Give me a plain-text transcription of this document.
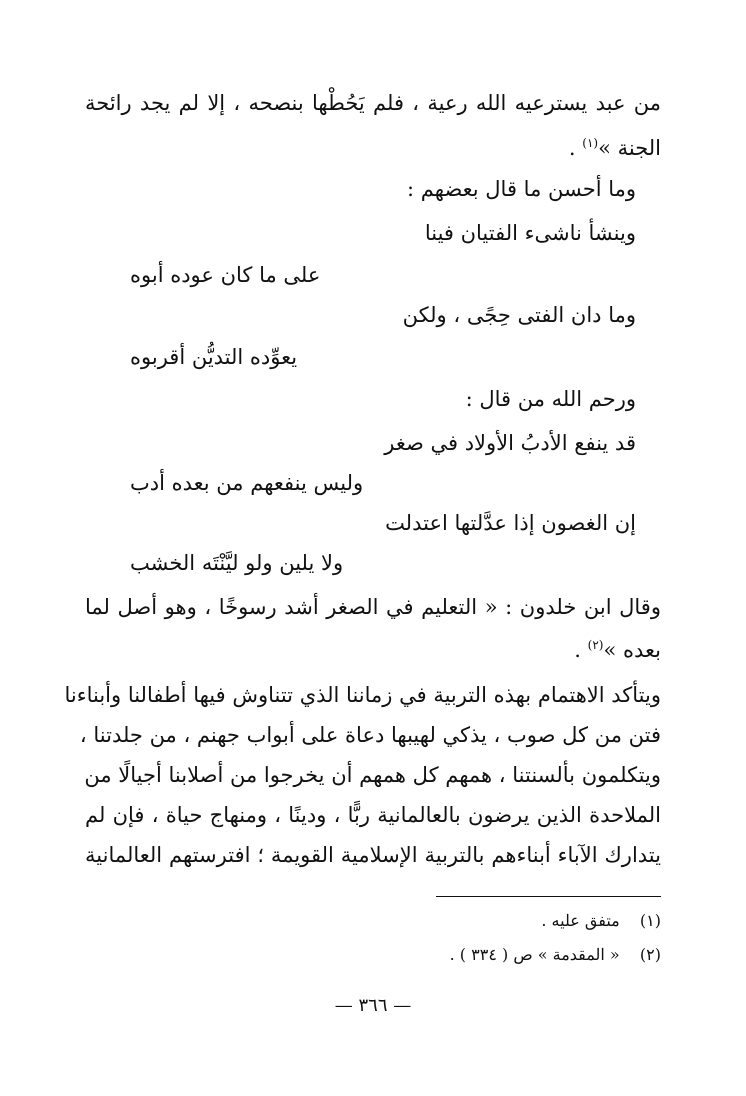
من عبد يسترعيه الله رعية ، فلم يَحُطْها بنصحه ، إلا لم يجد رائحة
الجنة »$^{(١)}$ .
وما أحسن ما قال بعضهم :
وينشأ ناشىء الفتيان فينا
على ما كان عوده أبوه
وما دان الفتى حِجًى ، ولكن
يعوِّده التديُّن أقربوه
ورحم الله من قال :
قد ينفع الأدبُ الأولاد في صغر
وليس ينفعهم من بعده أدب
إن الغصون إذا عدَّلتها اعتدلت
ولا يلين ولو ليَّنْتَه الخشب
وقال ابن خلدون : « التعليم في الصغر أشد رسوخًا ، وهو أصل لما
بعده »$^{(٢)}$ .
ويتأكد الاهتمام بهذه التربية في زماننا الذي تتناوش فيها أطفالنا وأبناءنا
فتن من كل صوب ، يذكي لهيبها دعاة على أبواب جهنم ، من جلدتنا ،
ويتكلمون بألسنتنا ، همهم كل همهم أن يخرجوا من أصلابنا أجيالًا من
الملاحدة الذين يرضون بالعالمانية ربًّا ، ودينًا ، ومنهاج حياة ، فإن لم
يتدارك الآباء أبناءهم بالتربية الإسلامية القويمة ؛ افترستهم العالمانية
(١)  متفق عليه .
(٢)  « المقدمة » ص ( ٣٣٤ ) .
— ٣٦٦ —
